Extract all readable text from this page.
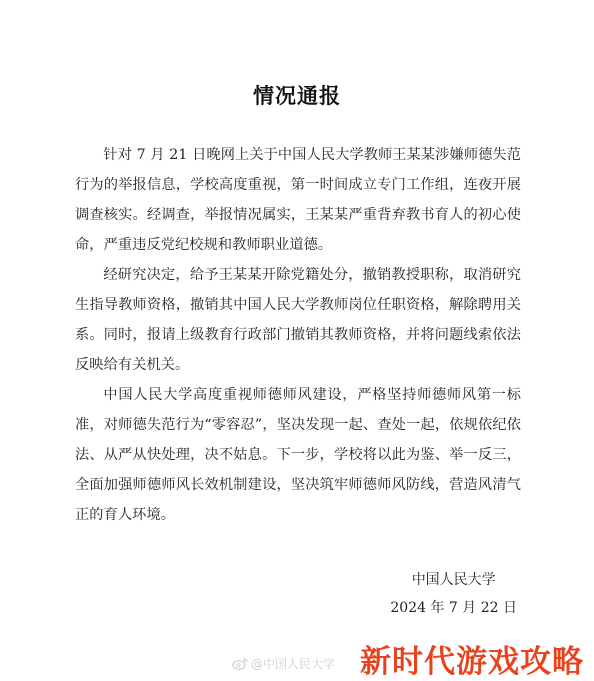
情况通报

针对 7 月 21 日晚网上关于中国人民大学教师王某某涉嫌师德失范行为的举报信息，学校高度重视，第一时间成立专门工作组，连夜开展调查核实。经调查，举报情况属实，王某某严重背弃教书育人的初心使命，严重违反党纪校规和教师职业道德。

经研究决定，给予王某某开除党籍处分，撤销教授职称，取消研究生指导教师资格，撤销其中国人民大学教师岗位任职资格，解除聘用关系。同时，报请上级教育行政部门撤销其教师资格，并将问题线索依法反映给有关机关。

中国人民大学高度重视师德师风建设，严格坚持师德师风第一标准，对师德失范行为“零容忍”，坚决发现一起、查处一起，依规依纪依法、从严从快处理，决不姑息。下一步，学校将以此为鉴、举一反三，全面加强师德师风长效机制建设，坚决筑牢师德师风防线，营造风清气正的育人环境。

中国人民大学
2024 年 7 月 22 日
@中国人民大学 新时代游戏攻略
